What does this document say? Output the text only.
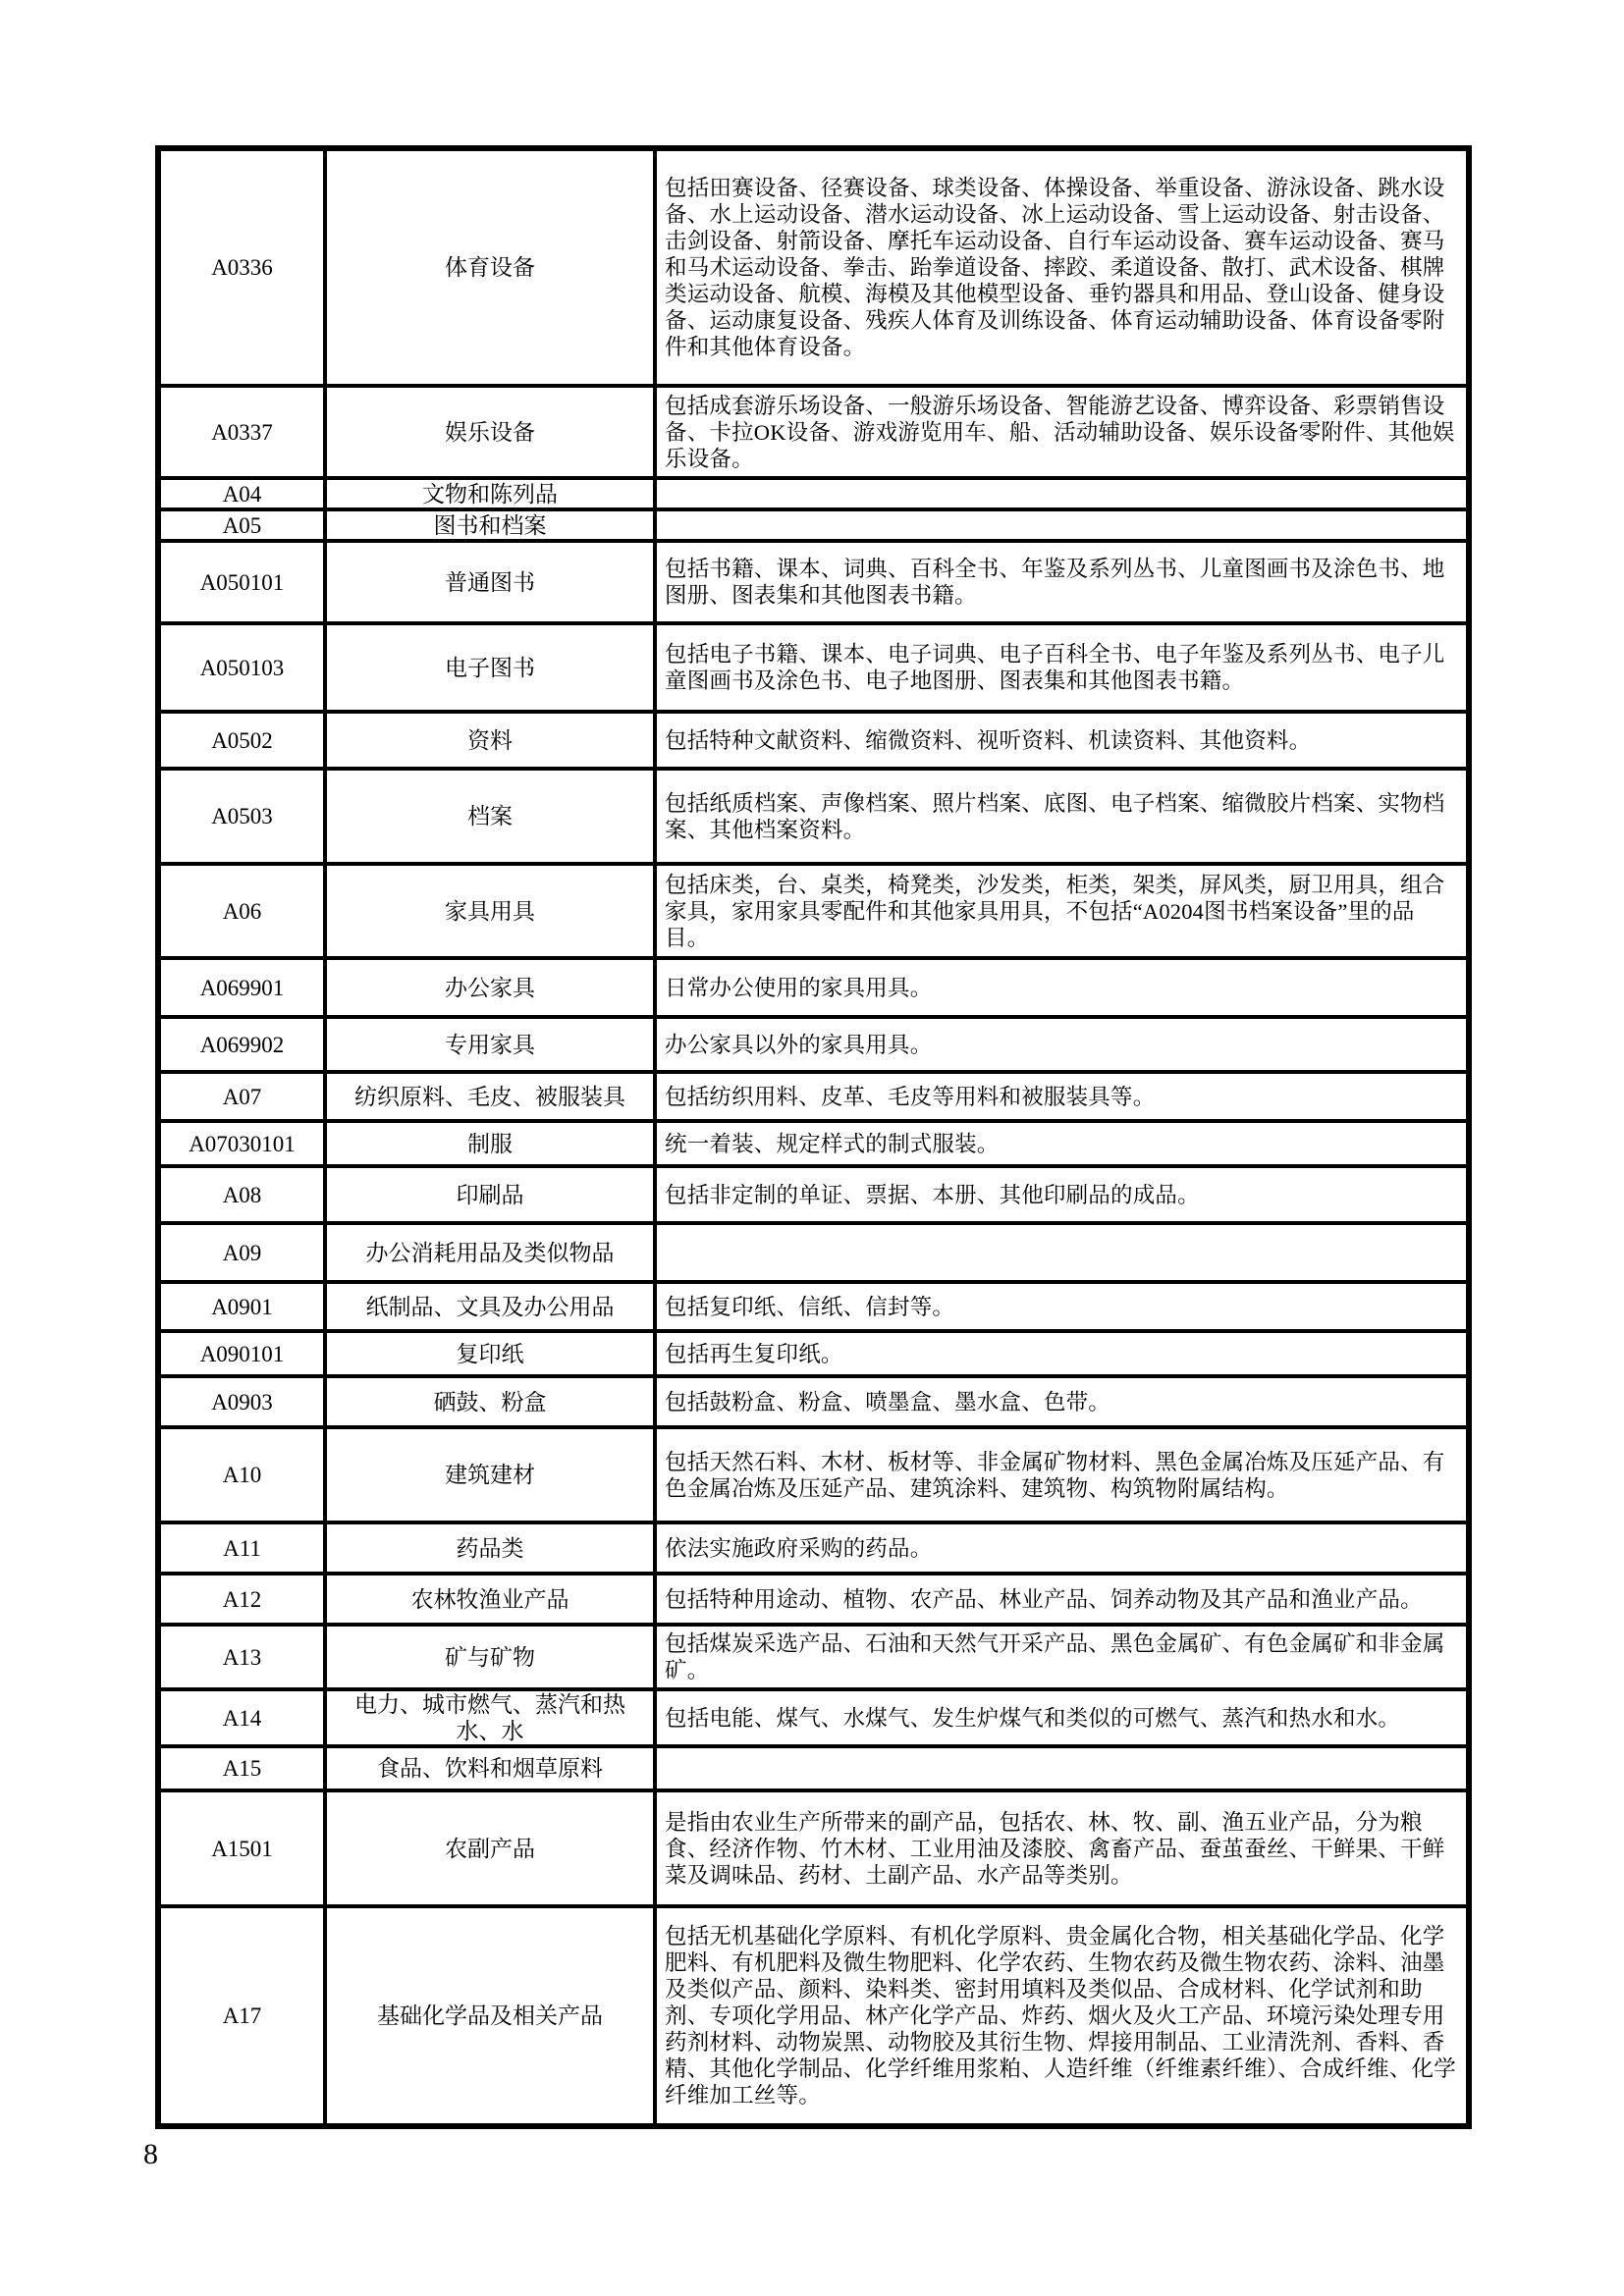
A0336	体育设备	包括田赛设备、径赛设备、球类设备、体操设备、举重设备、游泳设备、跳水设备、水上运动设备、潜水运动设备、冰上运动设备、雪上运动设备、射击设备、击剑设备、射箭设备、摩托车运动设备、自行车运动设备、赛车运动设备、赛马和马术运动设备、拳击、跆拳道设备、摔跤、柔道设备、散打、武术设备、棋牌类运动设备、航模、海模及其他模型设备、垂钓器具和用品、登山设备、健身设备、运动康复设备、残疾人体育及训练设备、体育运动辅助设备、体育设备零附件和其他体育设备。
A0337	娱乐设备	包括成套游乐场设备、一般游乐场设备、智能游艺设备、博弈设备、彩票销售设备、卡拉OK设备、游戏游览用车、船、活动辅助设备、娱乐设备零附件、其他娱乐设备。
A04	文物和陈列品	
A05	图书和档案	
A050101	普通图书	包括书籍、课本、词典、百科全书、年鉴及系列丛书、儿童图画书及涂色书、地图册、图表集和其他图表书籍。
A050103	电子图书	包括电子书籍、课本、电子词典、电子百科全书、电子年鉴及系列丛书、电子儿童图画书及涂色书、电子地图册、图表集和其他图表书籍。
A0502	资料	包括特种文献资料、缩微资料、视听资料、机读资料、其他资料。
A0503	档案	包括纸质档案、声像档案、照片档案、底图、电子档案、缩微胶片档案、实物档案、其他档案资料。
A06	家具用具	包括床类，台、桌类，椅凳类，沙发类，柜类，架类，屏风类，厨卫用具，组合家具，家用家具零配件和其他家具用具，不包括“A0204图书档案设备”里的品目。
A069901	办公家具	日常办公使用的家具用具。
A069902	专用家具	办公家具以外的家具用具。
A07	纺织原料、毛皮、被服装具	包括纺织用料、皮革、毛皮等用料和被服装具等。
A07030101	制服	统一着装、规定样式的制式服装。
A08	印刷品	包括非定制的单证、票据、本册、其他印刷品的成品。
A09	办公消耗用品及类似物品	
A0901	纸制品、文具及办公用品	包括复印纸、信纸、信封等。
A090101	复印纸	包括再生复印纸。
A0903	硒鼓、粉盒	包括鼓粉盒、粉盒、喷墨盒、墨水盒、色带。
A10	建筑建材	包括天然石料、木材、板材等、非金属矿物材料、黑色金属冶炼及压延产品、有色金属冶炼及压延产品、建筑涂料、建筑物、构筑物附属结构。
A11	药品类	依法实施政府采购的药品。
A12	农林牧渔业产品	包括特种用途动、植物、农产品、林业产品、饲养动物及其产品和渔业产品。
A13	矿与矿物	包括煤炭采选产品、石油和天然气开采产品、黑色金属矿、有色金属矿和非金属矿。
A14	电力、城市燃气、蒸汽和热水、水	包括电能、煤气、水煤气、发生炉煤气和类似的可燃气、蒸汽和热水和水。
A15	食品、饮料和烟草原料	
A1501	农副产品	是指由农业生产所带来的副产品，包括农、林、牧、副、渔五业产品，分为粮食、经济作物、竹木材、工业用油及漆胶、禽畜产品、蚕茧蚕丝、干鲜果、干鲜菜及调味品、药材、土副产品、水产品等类别。
A17	基础化学品及相关产品	包括无机基础化学原料、有机化学原料、贵金属化合物，相关基础化学品、化学肥料、有机肥料及微生物肥料、化学农药、生物农药及微生物农药、涂料、油墨及类似产品、颜料、染料类、密封用填料及类似品、合成材料、化学试剂和助剂、专项化学用品、林产化学产品、炸药、烟火及火工产品、环境污染处理专用药剂材料、动物炭黑、动物胶及其衍生物、焊接用制品、工业清洗剂、香料、香精、其他化学制品、化学纤维用浆粕、人造纤维（纤维素纤维）、合成纤维、化学纤维加工丝等。
8
